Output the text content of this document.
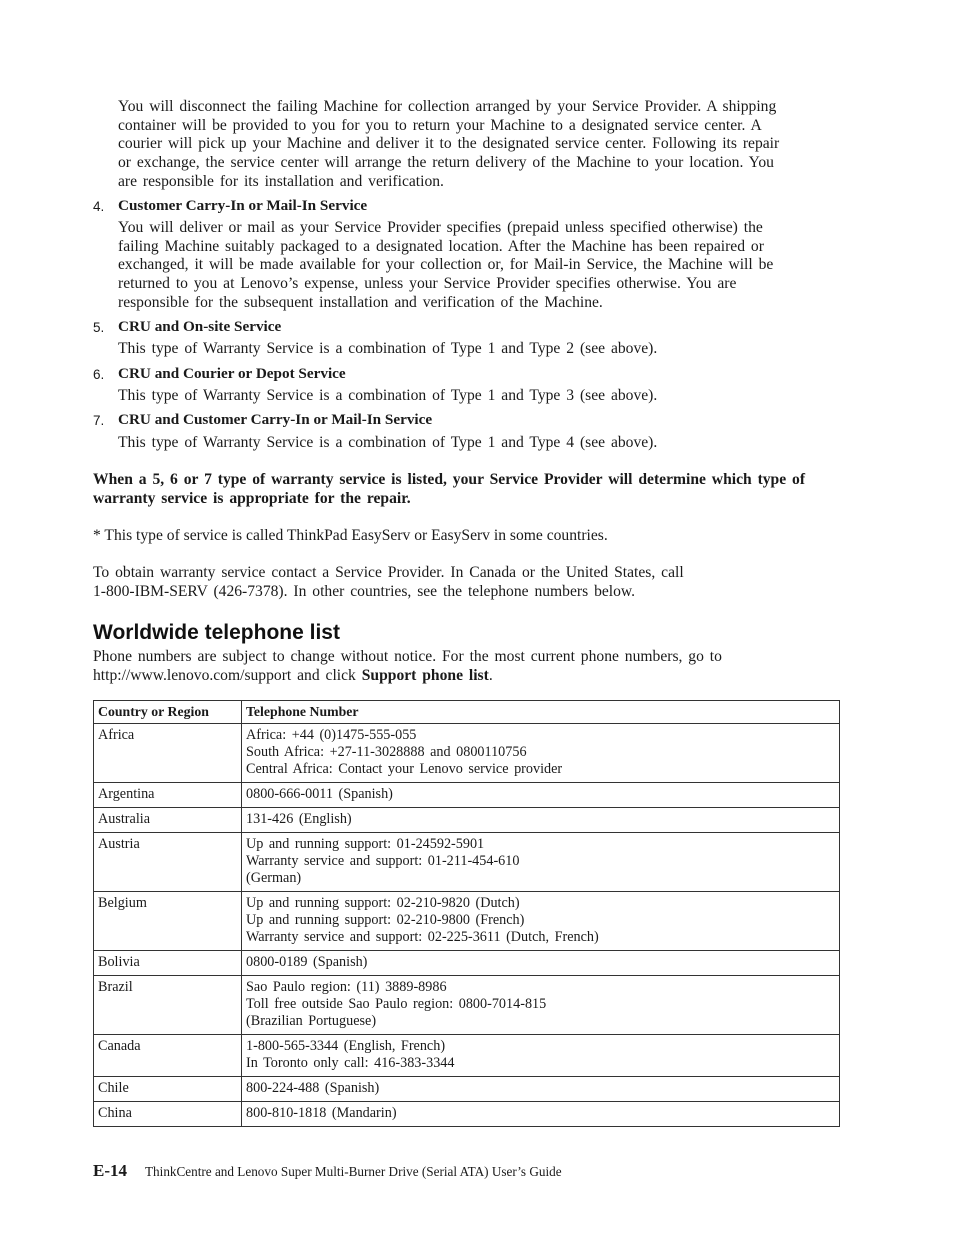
You will disconnect the failing Machine for collection arranged by your Service Provider. A shipping
container will be provided to you for you to return your Machine to a designated service center. A
courier will pick up your Machine and deliver it to the designated service center. Following its repair
or exchange, the service center will arrange the return delivery of the Machine to your location. You
are responsible for its installation and verification.

4. Customer Carry-In or Mail-In Service

You will deliver or mail as your Service Provider specifies (prepaid unless specified otherwise) the
failing Machine suitably packaged to a designated location. After the Machine has been repaired or
exchanged, it will be made available for your collection or, for Mail-in Service, the Machine will be
returned to you at Lenovo’s expense, unless your Service Provider specifies otherwise. You are
responsible for the subsequent installation and verification of the Machine.

5. CRU and On-site Service

This type of Warranty Service is a combination of Type 1 and Type 2 (see above).

6. CRU and Courier or Depot Service

This type of Warranty Service is a combination of Type 1 and Type 3 (see above).

7. CRU and Customer Carry-In or Mail-In Service

This type of Warranty Service is a combination of Type 1 and Type 4 (see above).

When a 5, 6 or 7 type of warranty service is listed, your Service Provider will determine which type of
warranty service is appropriate for the repair.

* This type of service is called ThinkPad EasyServ or EasyServ in some countries.

To obtain warranty service contact a Service Provider. In Canada or the United States, call
1-800-IBM-SERV (426-7378). In other countries, see the telephone numbers below.

Worldwide telephone list

Phone numbers are subject to change without notice. For the most current phone numbers, go to
http://www.lenovo.com/support and click Support phone list.

Country or Region	Telephone Number
Africa	Africa: +44 (0)1475-555-055
South Africa: +27-11-3028888 and 0800110756
Central Africa: Contact your Lenovo service provider

Argentina	0800-666-0011 (Spanish)

Australia	131-426 (English)

Austria	Up and running support: 01-24592-5901
Warranty service and support: 01-211-454-610
(German)

Belgium	Up and running support: 02-210-9820 (Dutch)
Up and running support: 02-210-9800 (French)
Warranty service and support: 02-225-3611 (Dutch, French)

Bolivia	0800-0189 (Spanish)

Brazil	Sao Paulo region: (11) 3889-8986
Toll free outside Sao Paulo region: 0800-7014-815
(Brazilian Portuguese)

Canada	1-800-565-3344 (English, French)
In Toronto only call: 416-383-3344

Chile	800-224-488 (Spanish)

China	800-810-1818 (Mandarin)
E-14 ThinkCentre and Lenovo Super Multi-Burner Drive (Serial ATA) User’s Guide
